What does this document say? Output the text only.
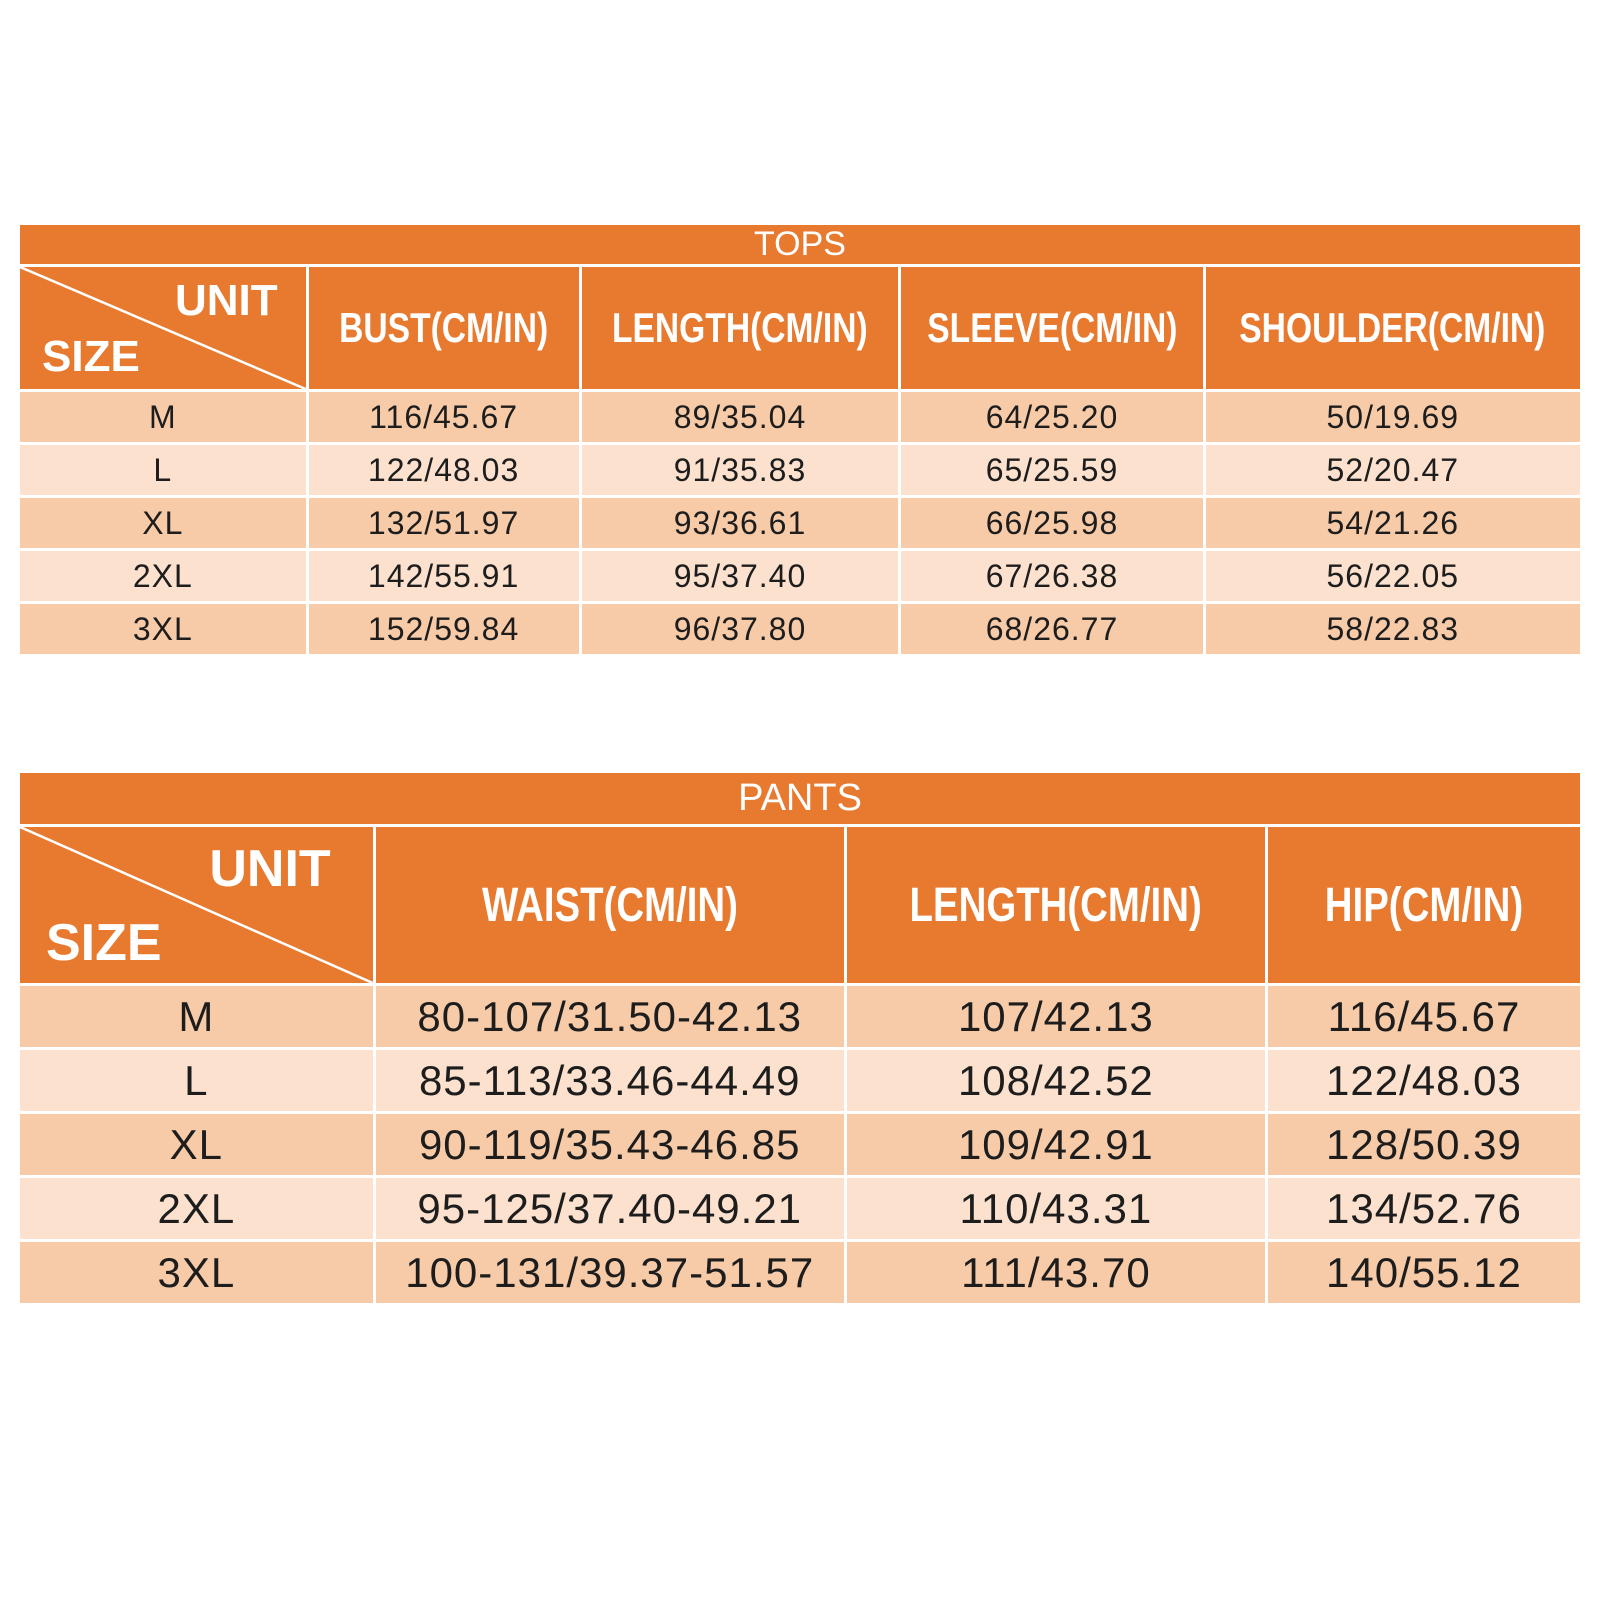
TOPS
UNIT
SIZE
BUST(CM/IN) LENGTH(CM/IN) SLEEVE(CM/IN) SHOULDER(CM/IN)
M	116/45.67	89/35.04	64/25.20	50/19.69
L	122/48.03	91/35.83	65/25.59	52/20.47
XL	132/51.97	93/36.61	66/25.98	54/21.26
2XL	142/55.91	95/37.40	67/26.38	56/22.05
3XL	152/59.84	96/37.80	68/26.77	58/22.83
PANTS
UNIT
SIZE
WAIST(CM/IN)	LENGTH(CM/IN)	HIP(CM/IN)
M	80-107/31.50-42.13	107/42.13	116/45.67
L	85-113/33.46-44.49	108/42.52	122/48.03
XL	90-119/35.43-46.85	109/42.91	128/50.39
2XL	95-125/37.40-49.21	110/43.31	134/52.76
3XL	100-131/39.37-51.57	111/43.70	140/55.12
